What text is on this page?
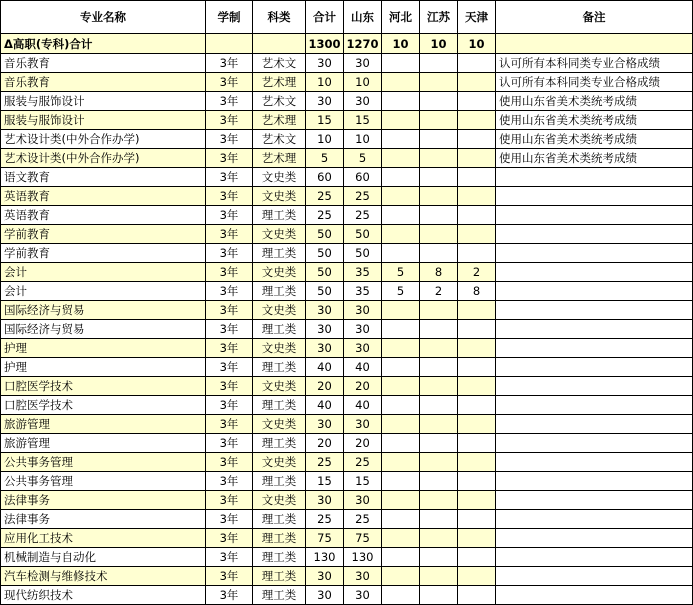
专业名称	学制	科类	合计	山东	河北	江苏	天津	备注
Δ高职(专科)合计			1300	1270	10	10	10	
音乐教育	3年	艺术文	30	30				认可所有本科同类专业合格成绩
音乐教育	3年	艺术理	10	10				认可所有本科同类专业合格成绩
服装与服饰设计	3年	艺术文	30	30				使用山东省美术类统考成绩
服装与服饰设计	3年	艺术理	15	15				使用山东省美术类统考成绩
艺术设计类(中外合作办学)	3年	艺术文	10	10				使用山东省美术类统考成绩
艺术设计类(中外合作办学)	3年	艺术理	5	5				使用山东省美术类统考成绩
语文教育	3年	文史类	60	60				
英语教育	3年	文史类	25	25				
英语教育	3年	理工类	25	25				
学前教育	3年	文史类	50	50				
学前教育	3年	理工类	50	50				
会计	3年	文史类	50	35	5	8	2	
会计	3年	理工类	50	35	5	2	8	
国际经济与贸易	3年	文史类	30	30				
国际经济与贸易	3年	理工类	30	30				
护理	3年	文史类	30	30				
护理	3年	理工类	40	40				
口腔医学技术	3年	文史类	20	20				
口腔医学技术	3年	理工类	40	40				
旅游管理	3年	文史类	30	30				
旅游管理	3年	理工类	20	20				
公共事务管理	3年	文史类	25	25				
公共事务管理	3年	理工类	15	15				
法律事务	3年	文史类	30	30				
法律事务	3年	理工类	25	25				
应用化工技术	3年	理工类	75	75				
机械制造与自动化	3年	理工类	130	130				
汽车检测与维修技术	3年	理工类	30	30				
现代纺织技术	3年	理工类	30	30				
